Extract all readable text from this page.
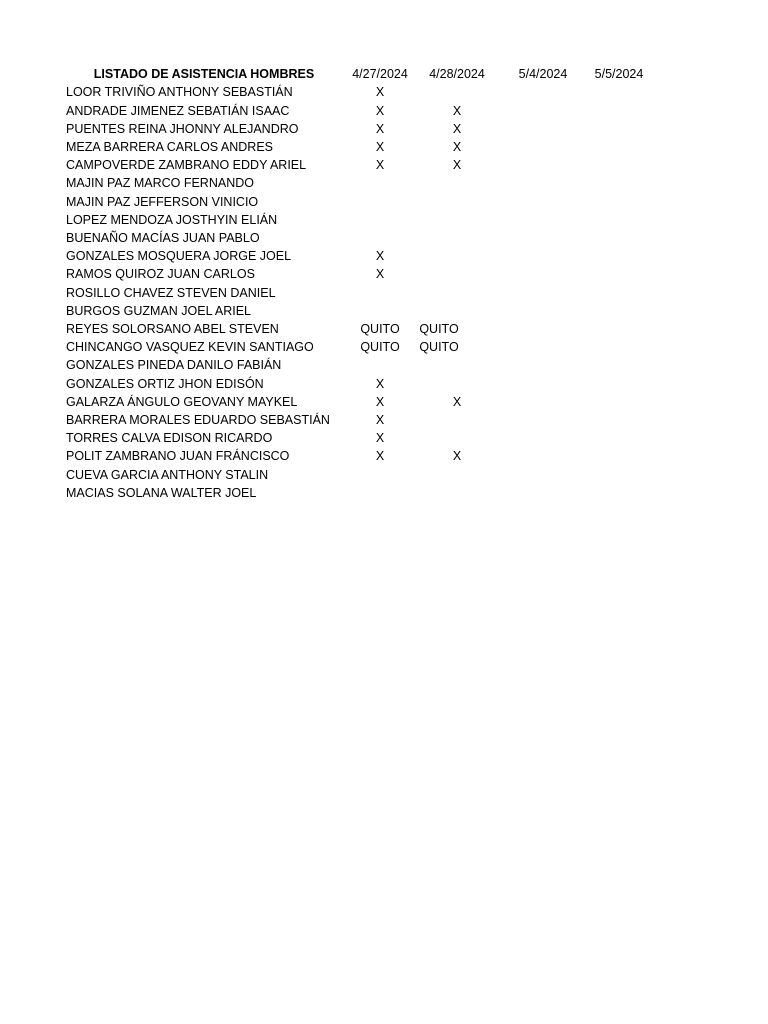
LISTADO DE ASISTENCIA HOMBRES	4/27/2024 4/28/2024	5/4/2024	5/5/2024
LOOR TRIVIÑO ANTHONY SEBASTIÁN	X
ANDRADE JIMENEZ SEBATIÁN ISAAC	X	X
PUENTES REINA JHONNY ALEJANDRO	X	X
MEZA BARRERA CARLOS ANDRES	X	X
CAMPOVERDE ZAMBRANO EDDY ARIEL	X	X
MAJIN PAZ MARCO FERNANDO
MAJIN PAZ JEFFERSON VINICIO
LOPEZ MENDOZA JOSTHYIN ELIÁN
BUENAÑO MACÍAS JUAN PABLO
GONZALES MOSQUERA JORGE JOEL	X
RAMOS QUIROZ JUAN CARLOS	X
ROSILLO CHAVEZ STEVEN DANIEL
BURGOS GUZMAN JOEL ARIEL
REYES SOLORSANO ABEL STEVEN	QUITO	QUITO
CHINCANGO VASQUEZ KEVIN SANTIAGO	QUITO	QUITO
GONZALES PINEDA DANILO FABIÁN
GONZALES ORTIZ JHON EDISÓN	X
GALARZA ÁNGULO GEOVANY MAYKEL	X	X
BARRERA MORALES EDUARDO SEBASTIÁN	X
TORRES CALVA EDISON RICARDO	X
POLIT ZAMBRANO JUAN FRÁNCISCO	X	X
CUEVA GARCIA ANTHONY STALIN
MACIAS SOLANA WALTER JOEL
